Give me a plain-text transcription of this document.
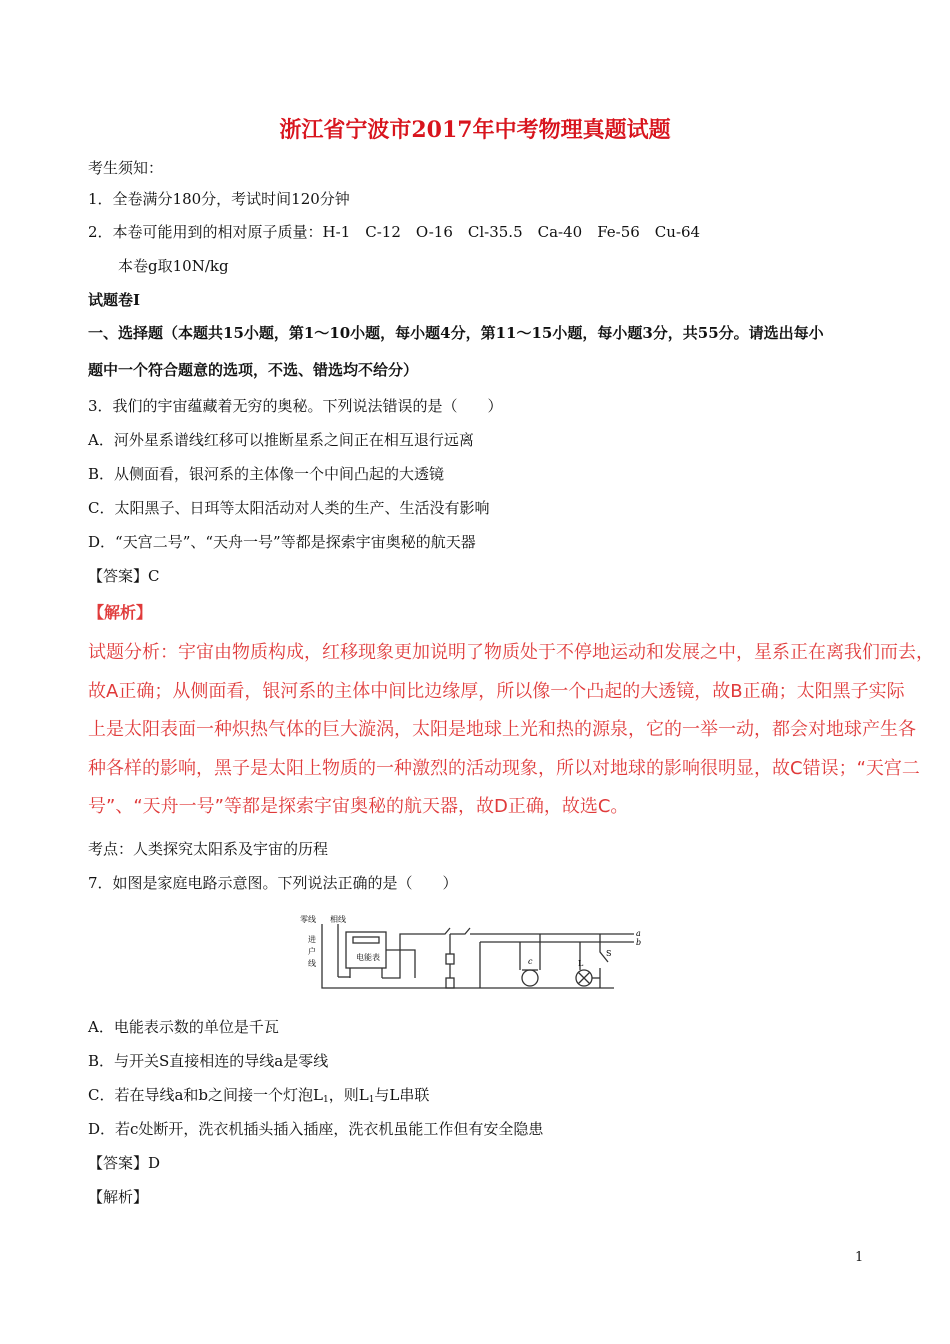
浙江省宁波市2017年中考物理真题试题
考生须知：
1．全卷满分180分，考试时间120分钟
2．本卷可能用到的相对原子质量：H-1　C-12　O-16　Cl-35.5　Ca-40　Fe-56　Cu-64
本卷g取10N/kg
试题卷Ⅰ
一、选择题（本题共15小题，第1～10小题，每小题4分，第11～15小题，每小题3分，共55分。请选出每小
题中一个符合题意的选项，不选、错选均不给分）
3．我们的宇宙蕴藏着无穷的奥秘。下列说法错误的是（　　）
A．河外星系谱线红移可以推断星系之间正在相互退行远离
B．从侧面看，银河系的主体像一个中间凸起的大透镜
C．太阳黑子、日珥等太阳活动对人类的生产、生活没有影响
D．“天宫二号”、“天舟一号”等都是探索宇宙奥秘的航天器
【答案】C
【解析】
试题分析：宇宙由物质构成，红移现象更加说明了物质处于不停地运动和发展之中，星系正在离我们而去，
故A正确；从侧面看，银河系的主体中间比边缘厚，所以像一个凸起的大透镜，故B正确；太阳黑子实际
上是太阳表面一种炽热气体的巨大漩涡，太阳是地球上光和热的源泉，它的一举一动，都会对地球产生各
种各样的影响，黑子是太阳上物质的一种激烈的活动现象，所以对地球的影响很明显，故C错误；“天宫二
号”、“天舟一号”等都是探索宇宙奥秘的航天器，故D正确，故选C。
考点：人类探究太阳系及宇宙的历程
7．如图是家庭电路示意图。下列说法正确的是（　　）
零线 相线
进
户
线
电能表
a
b
c	L
S
A．电能表示数的单位是千瓦
B．与开关S直接相连的导线a是零线
C．若在导线a和b之间接一个灯泡$L_1$，则$L_1$与L串联
D．若c处断开，洗衣机插头插入插座，洗衣机虽能工作但有安全隐患
【答案】D
【解析】
1
